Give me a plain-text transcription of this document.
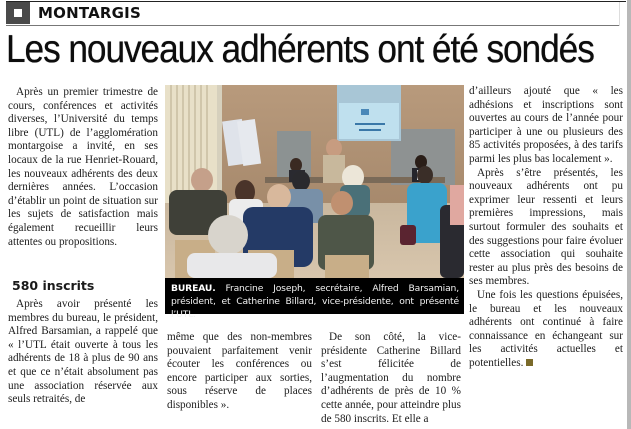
MONTARGIS
Les nouveaux adhérents ont été sondés

Après un premier trimestre de cours, conférences et activités diverses, l’Université du temps libre (UTL) de l’agglomération montargoise a invité, en ses locaux de la rue Henriet-Rouard, les nouveaux adhérents des deux dernières années. L’occasion d’établir un point de situation sur les sujets de satisfaction mais également recueillir leurs attentes ou propositions.

580 inscrits

Après avoir présenté les membres du bureau, le président, Alfred Barsamian, a rappelé que « l’UTL était ouverte à tous les adhérents de 18 à plus de 90 ans et que ce n’était absolument pas une association réservée aux seuls retraités, de

BUREAU. Francine Joseph, secrétaire, Alfred Barsamian, président, et Catherine Billard, vice-présidente, ont présenté l’UTL.

même que des non-membres pouvaient parfaitement venir écouter les conférences ou encore participer aux sorties, sous réserve de places disponibles ».

De son côté, la vice-présidente Catherine Billard s’est félicitée de l’augmentation du nombre d’adhérents de près de 10 % cette année, pour atteindre plus de 580 inscrits. Et elle a

d’ailleurs ajouté que « les adhésions et inscriptions sont ouvertes au cours de l’année pour participer à une ou plusieurs des 85 activités proposées, à des tarifs parmi les plus bas localement ».

Après s’être présentés, les nouveaux adhérents ont pu exprimer leur ressenti et leurs premières impressions, mais surtout formuler des souhaits et des suggestions pour faire évoluer cette association qui souhaite rester au plus près des besoins de ses membres.

Une fois les questions épuisées, le bureau et les nouveaux adhérents ont continué à faire connaissance en échangeant sur les activités actuelles et potentielles.
